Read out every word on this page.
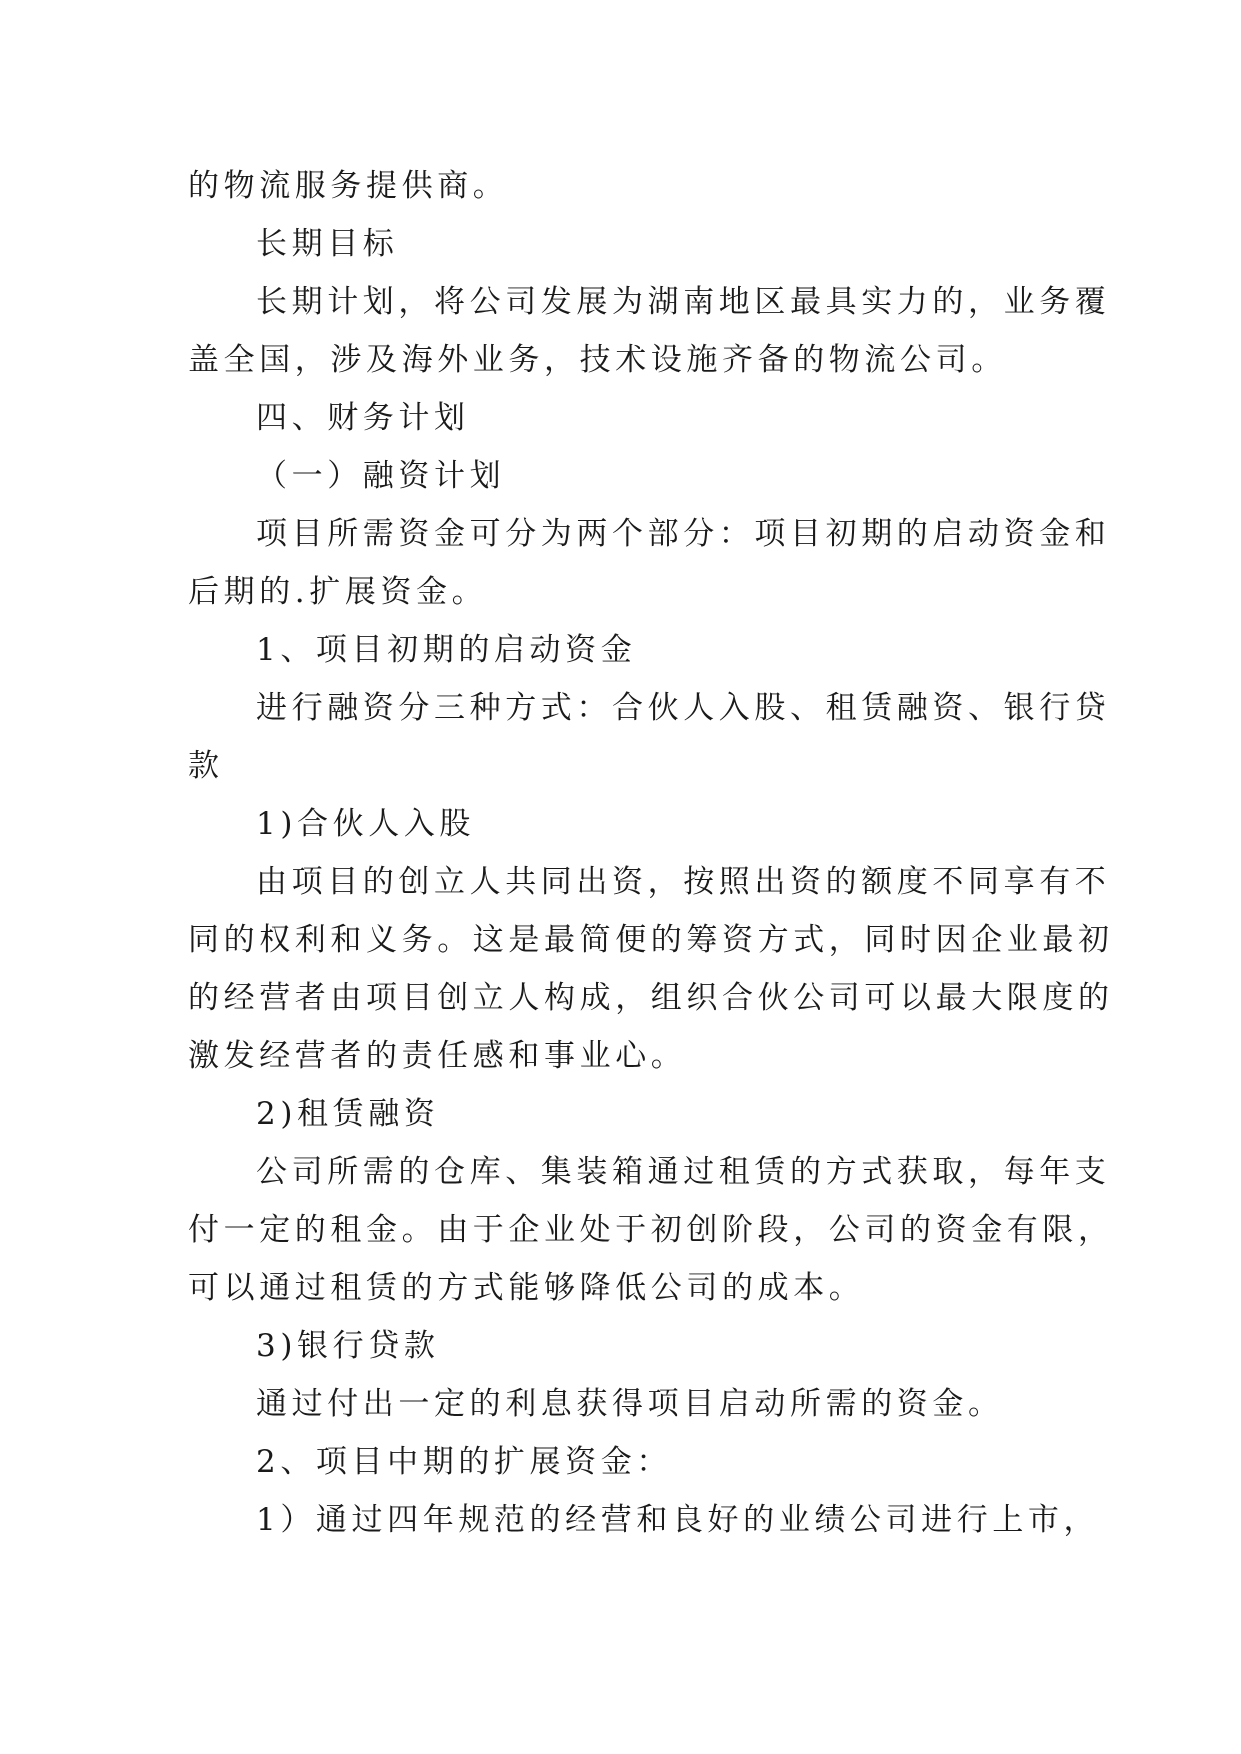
的物流服务提供商。
长期目标
长期计划，将公司发展为湖南地区最具实力的，业务覆
盖全国，涉及海外业务，技术设施齐备的物流公司。
四、财务计划
（一）融资计划
项目所需资金可分为两个部分：项目初期的启动资金和
后期的.扩展资金。
1、项目初期的启动资金
进行融资分三种方式：合伙人入股、租赁融资、银行贷
款
1)合伙人入股
由项目的创立人共同出资，按照出资的额度不同享有不
同的权利和义务。这是最简便的筹资方式，同时因企业最初
的经营者由项目创立人构成，组织合伙公司可以最大限度的
激发经营者的责任感和事业心。
2)租赁融资
公司所需的仓库、集装箱通过租赁的方式获取，每年支
付一定的租金。由于企业处于初创阶段，公司的资金有限，
可以通过租赁的方式能够降低公司的成本。
3)银行贷款
通过付出一定的利息获得项目启动所需的资金。
2、项目中期的扩展资金：
1）通过四年规范的经营和良好的业绩公司进行上市，
